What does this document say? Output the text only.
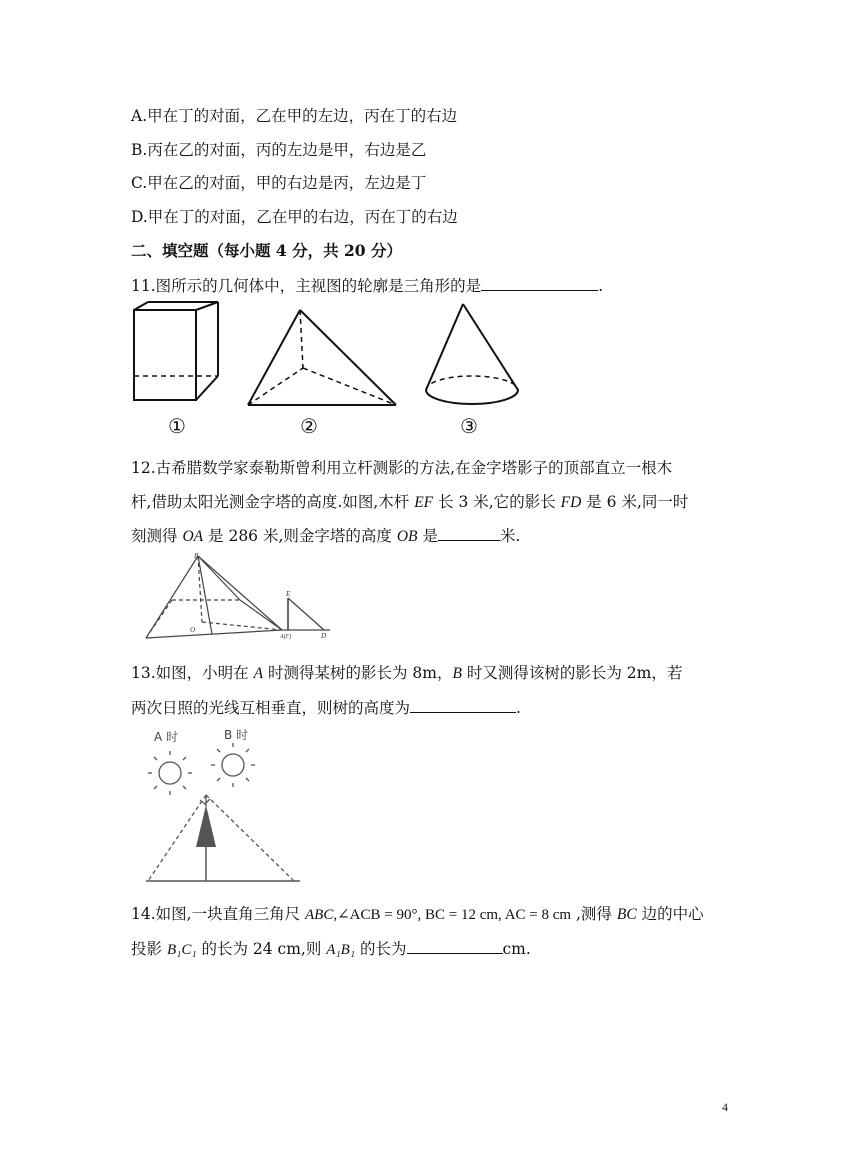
A.甲在丁的对面，乙在甲的左边，丙在丁的右边
B.丙在乙的对面，丙的左边是甲，右边是乙
C.甲在乙的对面，甲的右边是丙，左边是丁
D.甲在丁的对面，乙在甲的右边，丙在丁的右边
二、填空题（每小题 4 分，共 20 分）
11.图所示的几何体中，主视图的轮廓是三角形的是	.
①	②	③
12.古希腊数学家泰勒斯曾利用立杆测影的方法,在金字塔影子的顶部直立一根木
杆,借助太阳光测金字塔的高度.如图,木杆 EF 长 3 米,它的影长 FD 是 6 米,同一时
刻测得 OA 是 286 米,则金字塔的高度 OB 是	米.
B
O
E
A(F)	D
13.如图，小明在 A 时测得某树的影长为 8m，B 时又测得该树的影长为 2m，若
两次日照的光线互相垂直，则树的高度为	.
A 时	B 时
14.如图,一块直角三角尺 ABC,∠ACB = 90°, BC = 12 cm, AC = 8 cm ,测得 BC 边的中心
投影 B₁C₁ 的长为 24 cm,则 A₁B₁ 的长为	cm.
4
